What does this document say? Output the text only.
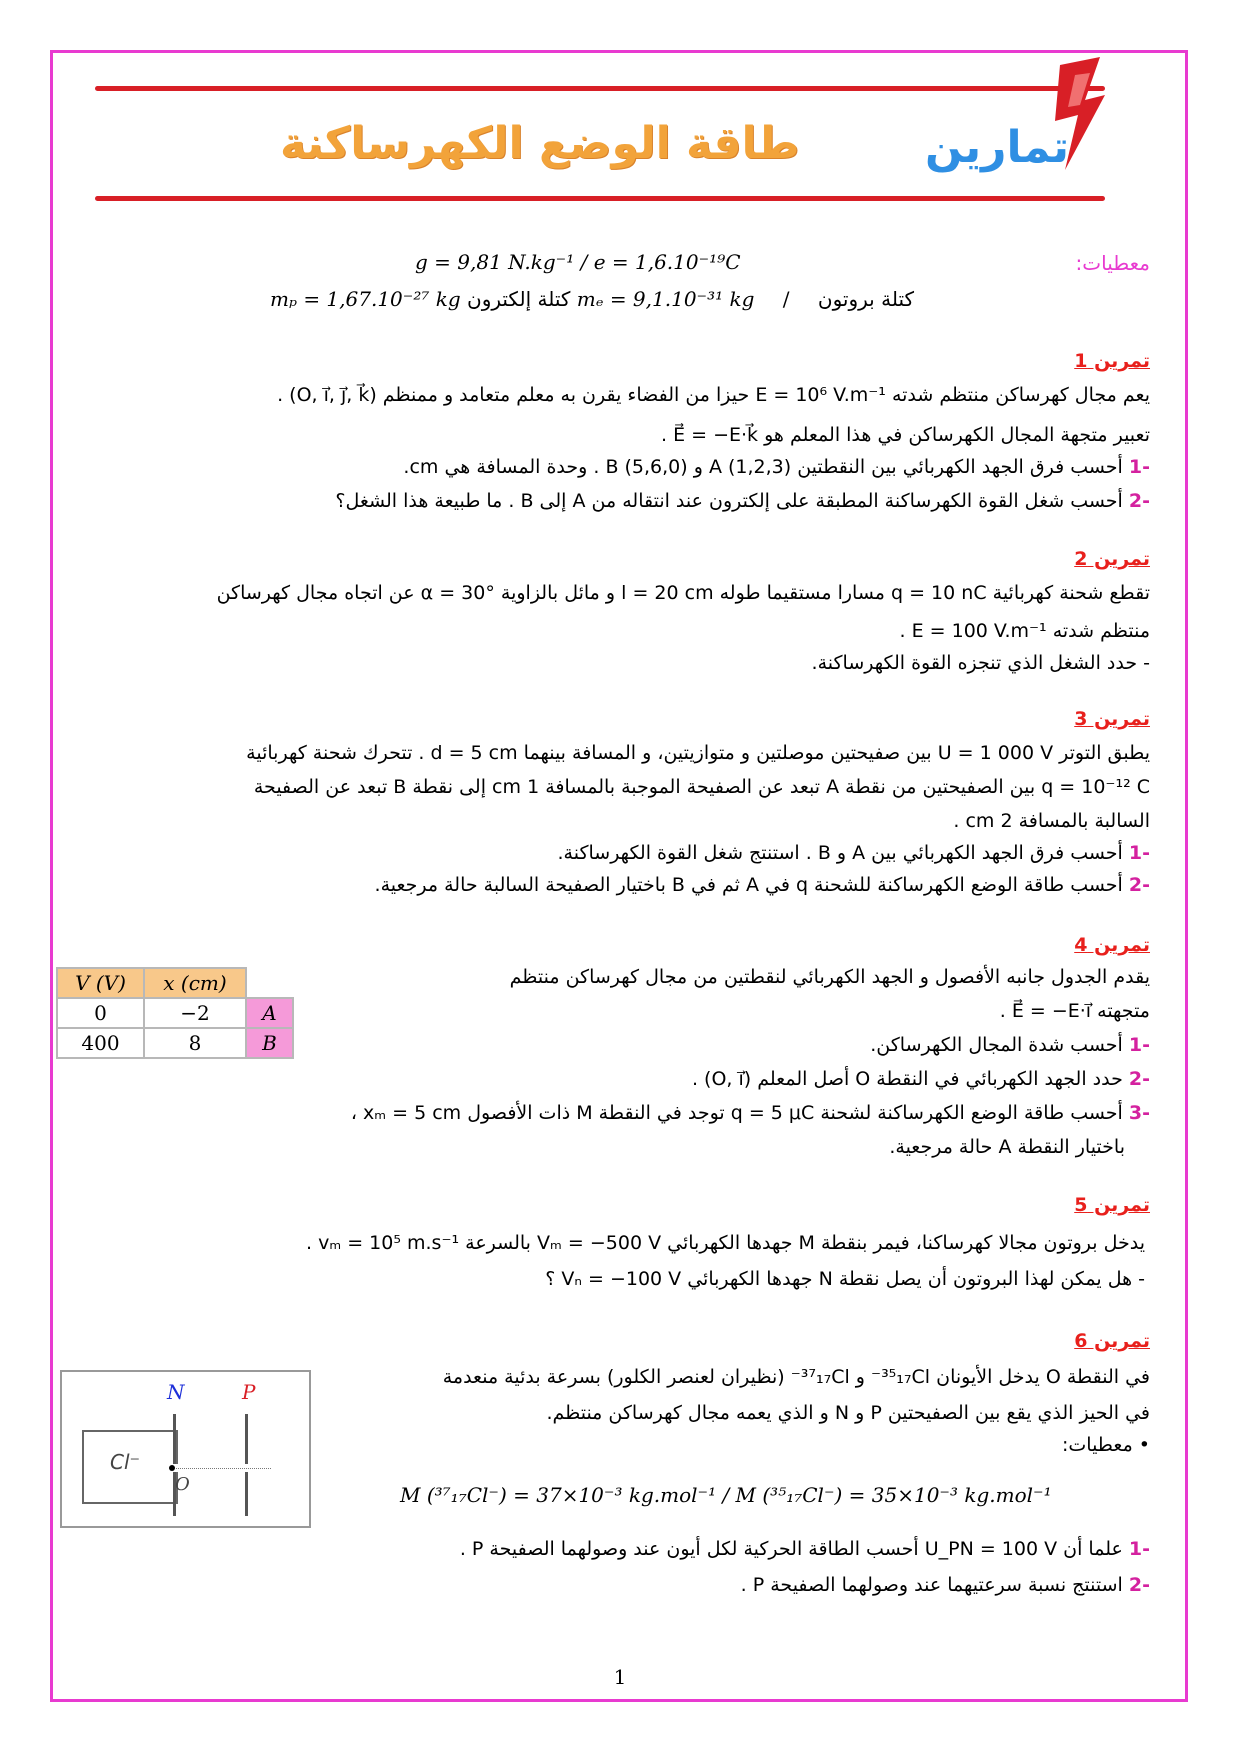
طاقة الوضع الكهرساكنة	تمارين
معطيات:
g = 9,81 N.kg⁻¹ / e = 1,6.10⁻¹⁹C
mₚ = 1,67.10⁻²⁷ kg	كتلة بروتون / mₑ = 9,1.10⁻³¹ kg كتلة إلكترون
تمرين 1
يعم مجال كهرساكن منتظم شدته E = 10⁶ V.m⁻¹ حيزا من الفضاء يقرن به معلم متعامد و ممنظم (O, i⃗, j⃗, k⃗) .
تعبير متجهة المجال الكهرساكن في هذا المعلم هو E⃗ = −E·k⃗ .
-1 أحسب فرق الجهد الكهربائي بين النقطتين A (1,2,3) و B (5,6,0) . وحدة المسافة هي cm.
-2 أحسب شغل القوة الكهرساكنة المطبقة على إلكترون عند انتقاله من A إلى B . ما طبيعة هذا الشغل؟
تمرين 2
تقطع شحنة كهربائية q = 10 nC مسارا مستقيما طوله l = 20 cm و مائل بالزاوية α = 30° عن اتجاه مجال كهرساكن
منتظم شدته E = 100 V.m⁻¹ .
- حدد الشغل الذي تنجزه القوة الكهرساكنة.
تمرين 3
يطبق التوتر U = 1 000 V بين صفيحتين موصلتين و متوازيتين، و المسافة بينهما d = 5 cm . تتحرك شحنة كهربائية
q = 10⁻¹² C بين الصفيحتين من نقطة A تبعد عن الصفيحة الموجبة بالمسافة 1 cm إلى نقطة B تبعد عن الصفيحة
السالبة بالمسافة 2 cm .
-1 أحسب فرق الجهد الكهربائي بين A و B . استنتج شغل القوة الكهرساكنة.
-2 أحسب طاقة الوضع الكهرساكنة للشحنة q في A ثم في B باختيار الصفيحة السالبة حالة مرجعية.
تمرين 4
يقدم الجدول جانبه الأفصول و الجهد الكهربائي لنقطتين من مجال كهرساكن منتظم
متجهته E⃗ = −E·i⃗ .
-1 أحسب شدة المجال الكهرساكن.
-2 حدد الجهد الكهربائي في النقطة O أصل المعلم (O, i⃗) .
-3 أحسب طاقة الوضع الكهرساكنة لشحنة q = 5 μC توجد في النقطة M ذات الأفصول xₘ = 5 cm ،
باختيار النقطة A حالة مرجعية.
V (V)	x (cm)	
0	−2	A
400	8	B
تمرين 5
يدخل بروتون مجالا كهرساكنا، فيمر بنقطة M جهدها الكهربائي Vₘ = −500 V بالسرعة vₘ = 10⁵ m.s⁻¹ .
- هل يمكن لهذا البروتون أن يصل نقطة N جهدها الكهربائي Vₙ = −100 V ؟
تمرين 6
في النقطة O يدخل الأيونان ³⁵₁₇Cl⁻ و ³⁷₁₇Cl⁻ (نظيران لعنصر الكلور) بسرعة بدئية منعدمة
في الحيز الذي يقع بين الصفيحتين P و N و الذي يعمه مجال كهرساكن منتظم.
• معطيات:
M (³⁷₁₇Cl⁻) = 37×10⁻³ kg.mol⁻¹ / M (³⁵₁₇Cl⁻) = 35×10⁻³ kg.mol⁻¹
-1 علما أن U_PN = 100 V أحسب الطاقة الحركية لكل أيون عند وصولهما الصفيحة P .
-2 استنتج نسبة سرعتيهما عند وصولهما الصفيحة P .
Cl⁻
O
N	P
1
